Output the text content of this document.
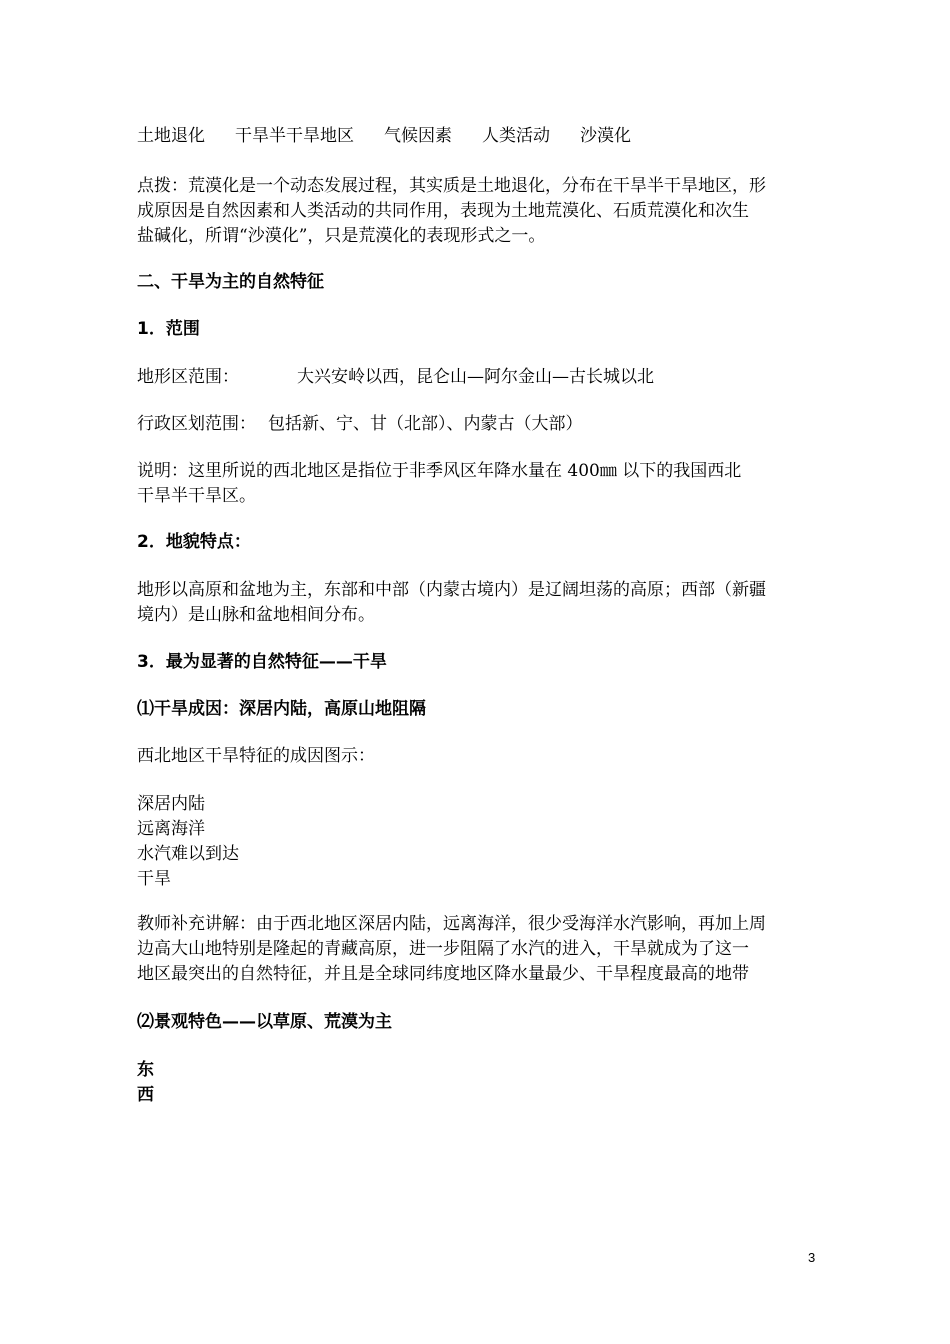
土地退化 干旱半干旱地区 气候因素 人类活动 沙漠化
点拨：荒漠化是一个动态发展过程，其实质是土地退化，分布在干旱半干旱地区，形
成原因是自然因素和人类活动的共同作用，表现为土地荒漠化、石质荒漠化和次生
盐碱化，所谓“沙漠化”，只是荒漠化的表现形式之一。
二、干旱为主的自然特征
1．范围
地形区范围：	大兴安岭以西，昆仑山—阿尔金山—古长城以北
行政区划范围： 包括新、宁、甘（北部）、内蒙古（大部）
说明：这里所说的西北地区是指位于非季风区年降水量在 400㎜ 以下的我国西北
干旱半干旱区。
2．地貌特点：
地形以高原和盆地为主，东部和中部（内蒙古境内）是辽阔坦荡的高原；西部（新疆
境内）是山脉和盆地相间分布。
3．最为显著的自然特征——干旱
⑴干旱成因：深居内陆，高原山地阻隔
西北地区干旱特征的成因图示：
深居内陆
远离海洋
水汽难以到达
干旱
教师补充讲解：由于西北地区深居内陆，远离海洋，很少受海洋水汽影响，再加上周
边高大山地特别是隆起的青藏高原，进一步阻隔了水汽的进入，干旱就成为了这一
地区最突出的自然特征，并且是全球同纬度地区降水量最少、干旱程度最高的地带
⑵景观特色——以草原、荒漠为主
东
西
3
